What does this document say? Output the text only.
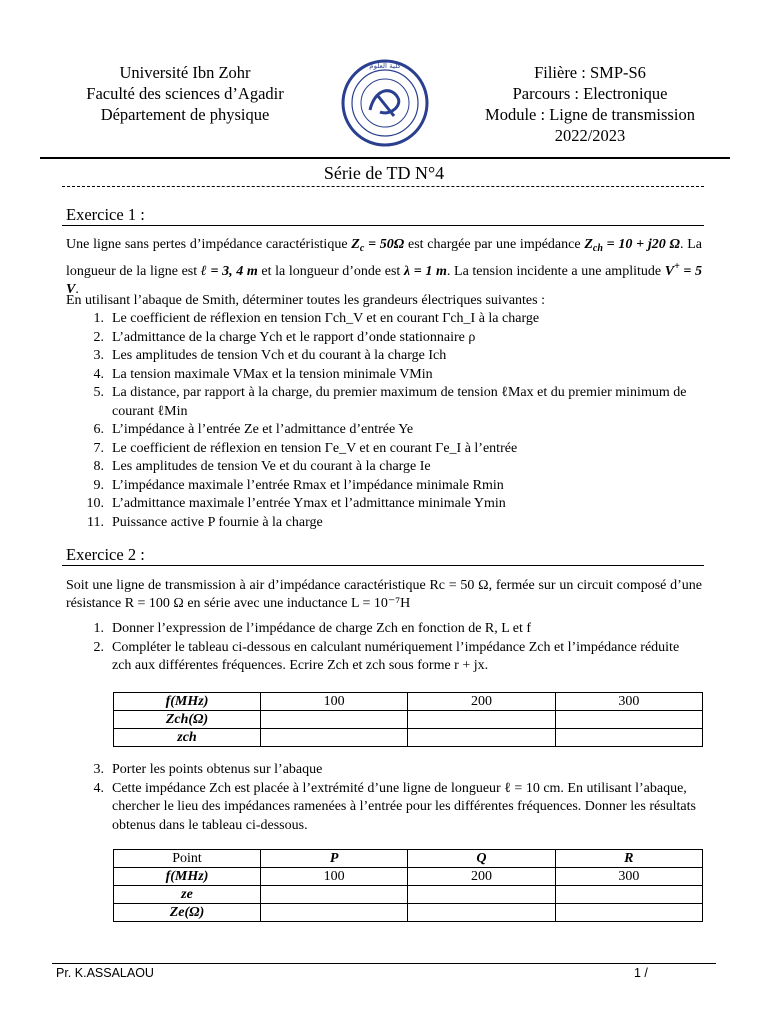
Université Ibn Zohr
Faculté des sciences d’Agadir
Département de physique
كلية العلوم	Filière : SMP-S6
Parcours : Electronique
Module : Ligne de transmission
2022/2023
Série de TD N°4
Exercice 1 :
Une ligne sans pertes d’impédance caractéristique $Z_c = 50\Omega$ est chargée par une impédance $Z_{ch} = 10 + j20$ Ω. La longueur de la ligne est ℓ = 3, 4 m et la longueur d’onde est λ = 1 m. La tension incidente a une amplitude V+ = 5 V.
En utilisant l’abaque de Smith, déterminer toutes les grandeurs électriques suivantes :
1. Le coefficient de réflexion en tension Γch_V et en courant Γch_I à la charge
2. L’admittance de la charge Ych et le rapport d’onde stationnaire ρ
3. Les amplitudes de tension Vch et du courant à la charge Ich
4. La tension maximale VMax et la tension minimale VMin
5. La distance, par rapport à la charge, du premier maximum de tension ℓMax et du premier minimum de courant ℓMin
6. L’impédance à l’entrée Ze et l’admittance d’entrée Ye
7. Le coefficient de réflexion en tension Γe_V et en courant Γe_I à l’entrée
8. Les amplitudes de tension Ve et du courant à la charge Ie
9. L’impédance maximale l’entrée Rmax et l’impédance minimale Rmin
10. L’admittance maximale l’entrée Ymax et l’admittance minimale Ymin
11. Puissance active P fournie à la charge
Exercice 2 :
Soit une ligne de transmission à air d’impédance caractéristique Rc = 50 Ω, fermée sur un circuit composé d’une résistance R = 100 Ω en série avec une inductance L = 10⁻⁷H
1. Donner l’expression de l’impédance de charge Zch en fonction de R, L et f
2. Compléter le tableau ci-dessous en calculant numériquement l’impédance Zch et l’impédance réduite zch aux différentes fréquences. Ecrire Zch et zch sous forme r + jx.
f(MHz)	100	200	300
Zch(Ω)			
zch			
3. Porter les points obtenus sur l’abaque
4. Cette impédance Zch est placée à l’extrémité d’une ligne de longueur ℓ = 10 cm. En utilisant l’abaque, chercher le lieu des impédances ramenées à l’entrée pour les différentes fréquences. Donner les résultats obtenus dans le tableau ci-dessous.
Point	P	Q	R
f(MHz)	100	200	300
ze			
Ze(Ω)			
Pr. K.ASSALAOU	1 /
